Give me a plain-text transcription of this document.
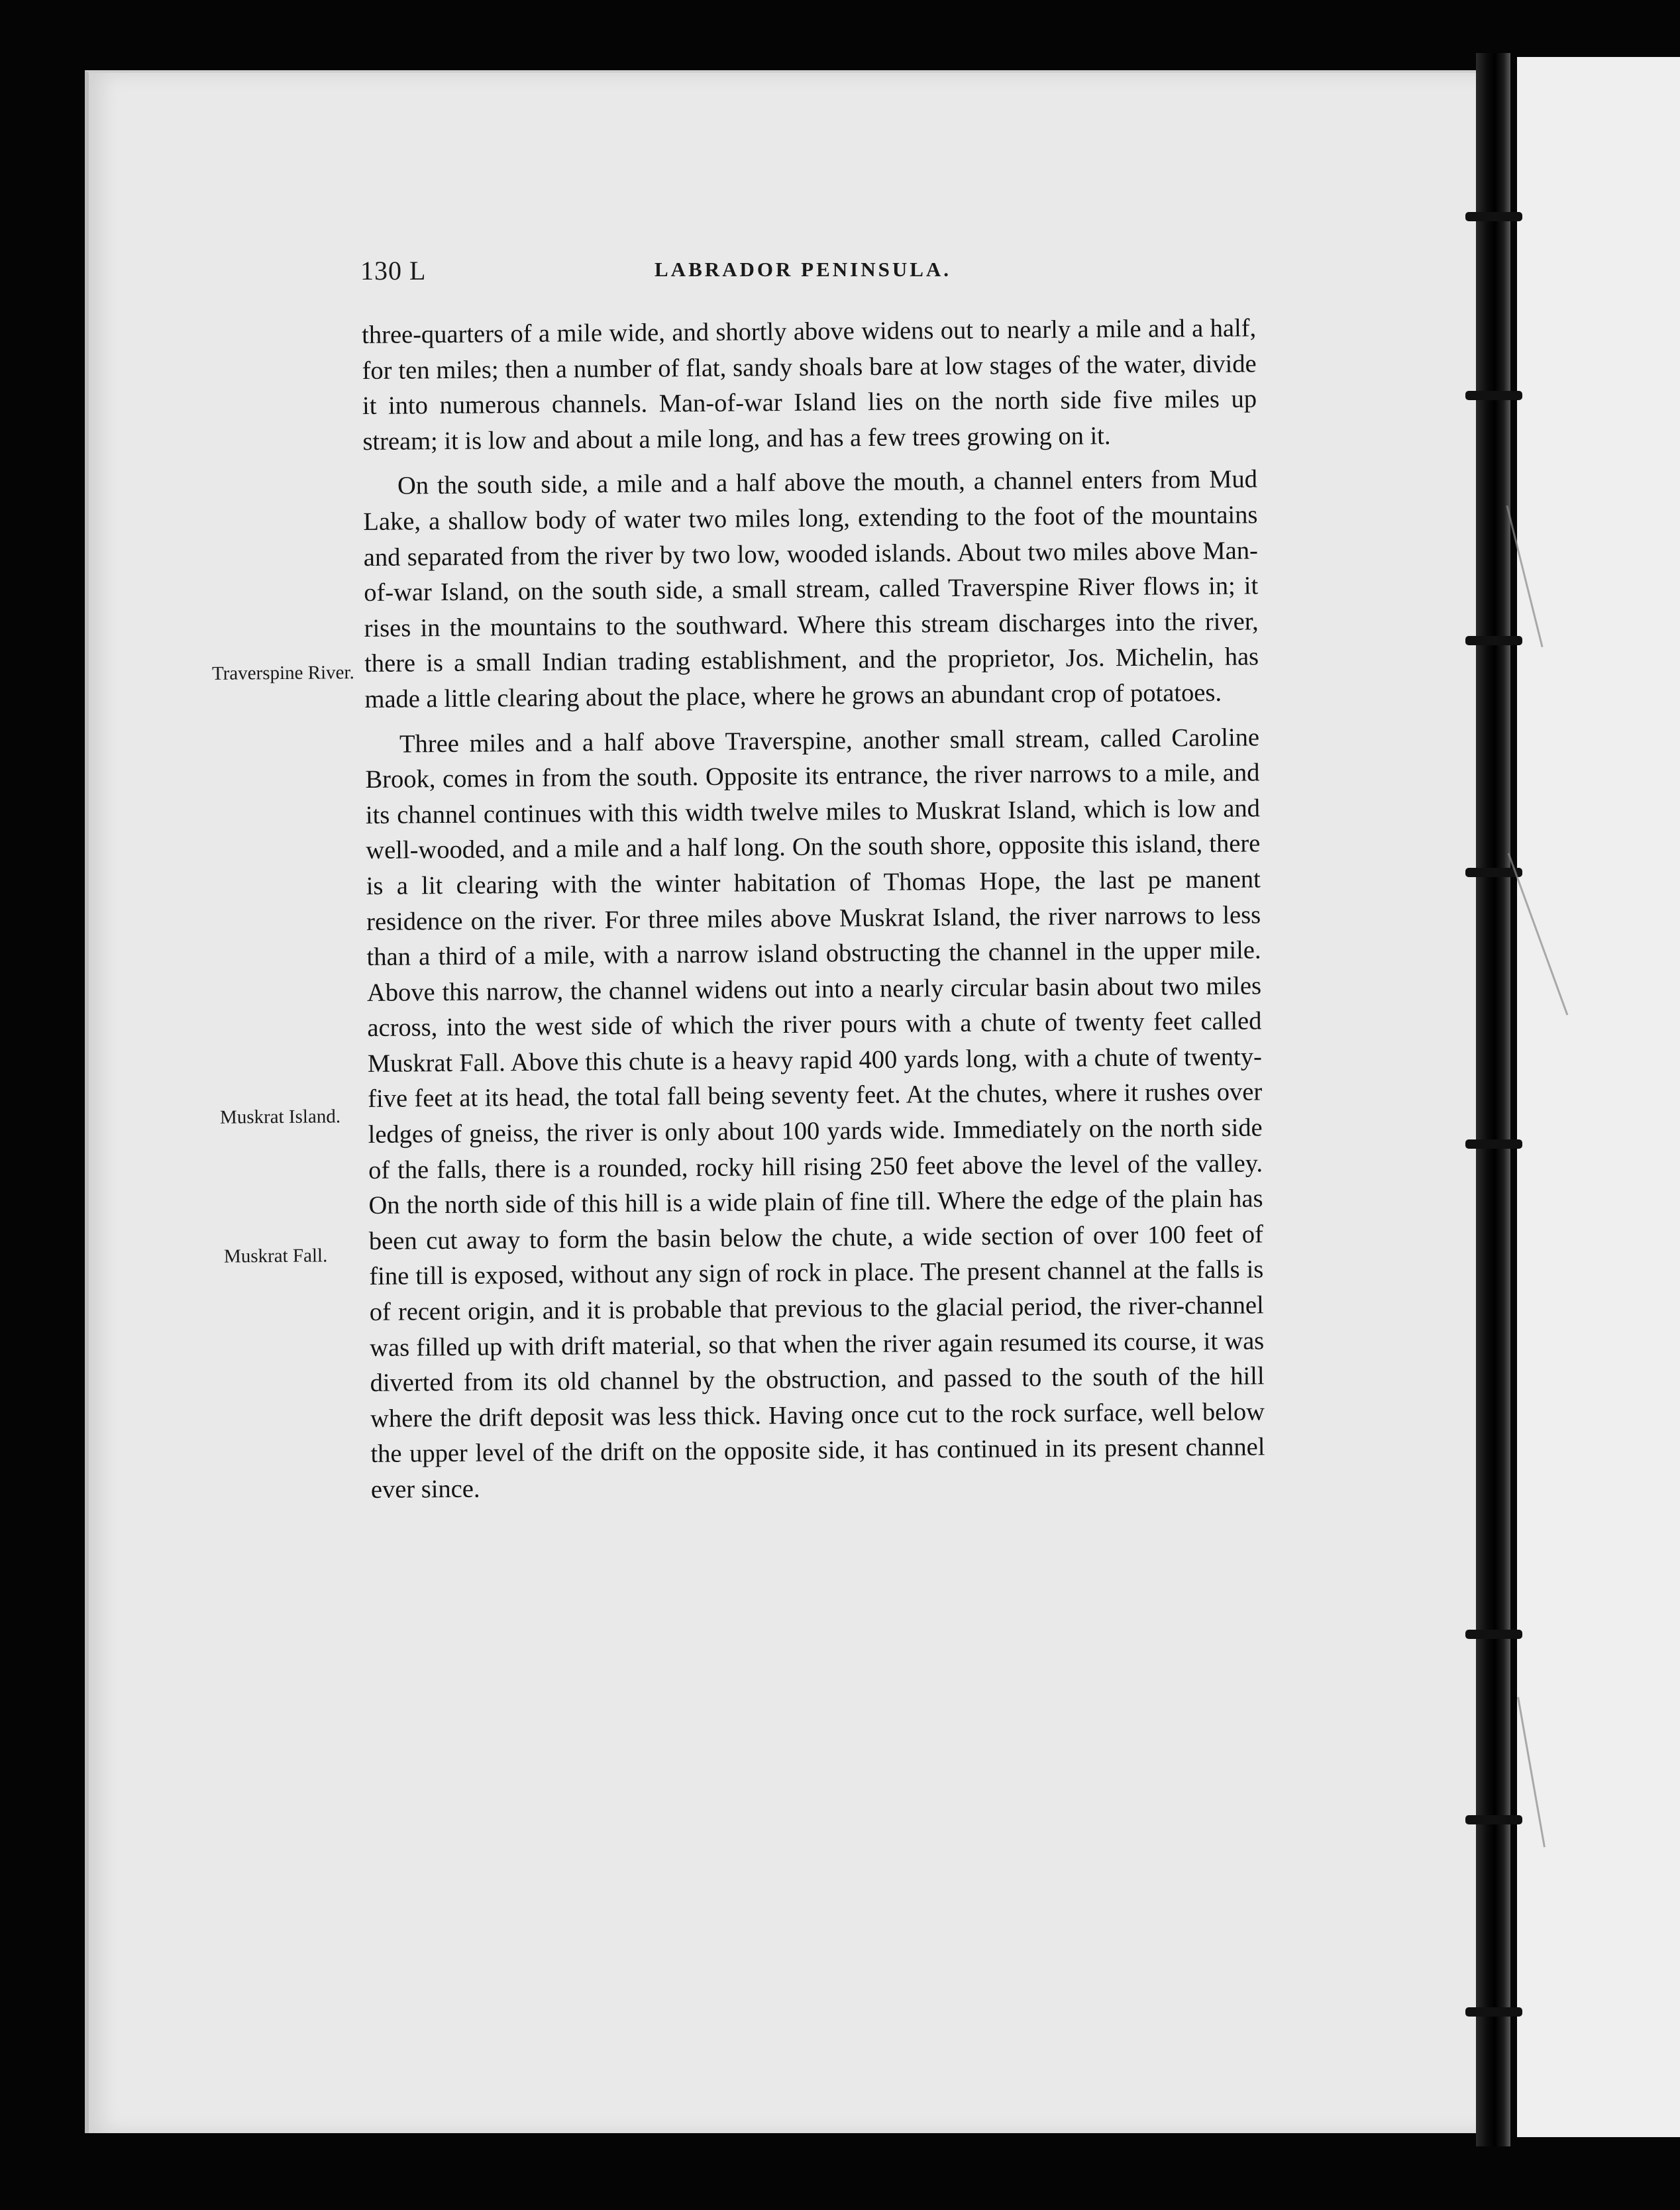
130 L	LABRADOR PENINSULA.
Traverspine River.
Muskrat Island.
Muskrat Fall.

three-quarters of a mile wide, and shortly above widens out to nearly a mile and a half, for ten miles; then a number of flat, sandy shoals bare at low stages of the water, divide it into numerous channels. Man-of-war Island lies on the north side five miles up stream; it is low and about a mile long, and has a few trees growing on it.

On the south side, a mile and a half above the mouth, a channel enters from Mud Lake, a shallow body of water two miles long, extending to the foot of the mountains and separated from the river by two low, wooded islands. About two miles above Man-of-war Island, on the south side, a small stream, called Traverspine River flows in; it rises in the mountains to the southward. Where this stream discharges into the river, there is a small Indian trading establishment, and the proprietor, Jos. Michelin, has made a little clearing about the place, where he grows an abundant crop of potatoes.

Three miles and a half above Traverspine, another small stream, called Caroline Brook, comes in from the south. Opposite its entrance, the river narrows to a mile, and its channel continues with this width twelve miles to Muskrat Island, which is low and well-wooded, and a mile and a half long. On the south shore, opposite this island, there is a lit clearing with the winter habitation of Thomas Hope, the last pe manent residence on the river. For three miles above Muskrat Island, the river narrows to less than a third of a mile, with a narrow island obstructing the channel in the upper mile. Above this narrow, the channel widens out into a nearly circular basin about two miles across, into the west side of which the river pours with a chute of twenty feet called Muskrat Fall. Above this chute is a heavy rapid 400 yards long, with a chute of twenty-five feet at its head, the total fall being seventy feet. At the chutes, where it rushes over ledges of gneiss, the river is only about 100 yards wide. Immediately on the north side of the falls, there is a rounded, rocky hill rising 250 feet above the level of the valley. On the north side of this hill is a wide plain of fine till. Where the edge of the plain has been cut away to form the basin below the chute, a wide section of over 100 feet of fine till is exposed, without any sign of rock in place. The present channel at the falls is of recent origin, and it is probable that previous to the glacial period, the river-channel was filled up with drift material, so that when the river again resumed its course, it was diverted from its old channel by the obstruction, and passed to the south of the hill where the drift deposit was less thick. Having once cut to the rock surface, well below the upper level of the drift on the opposite side, it has continued in its present channel ever since.
